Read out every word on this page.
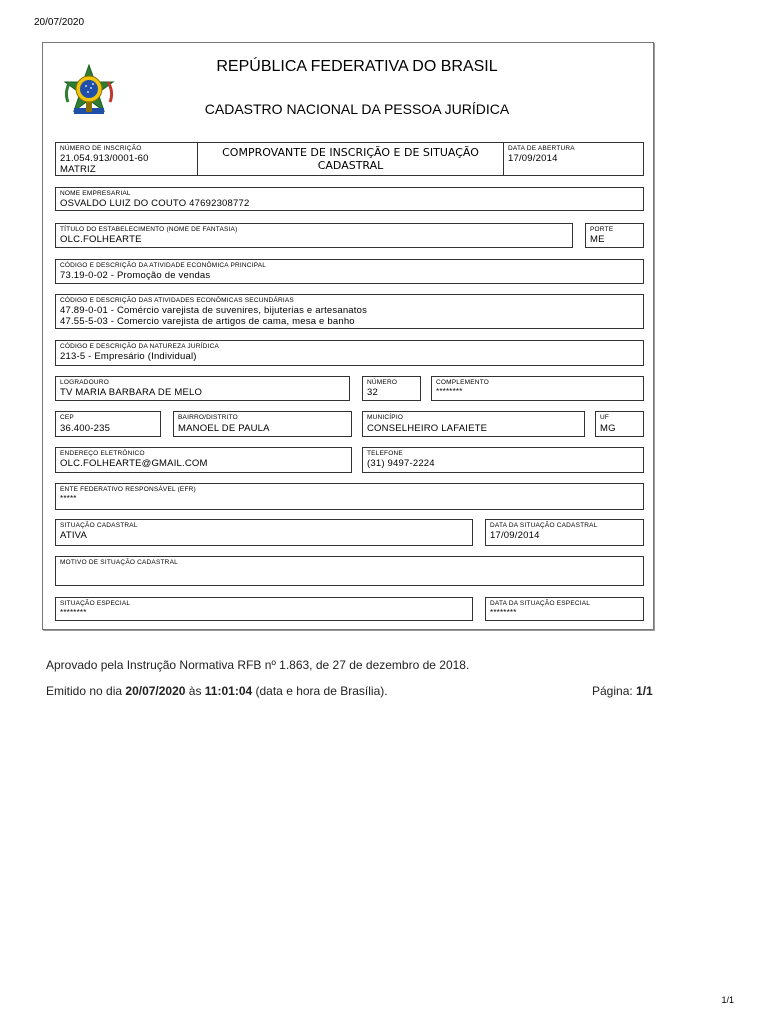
20/07/2020
REPÚBLICA FEDERATIVA DO BRASIL
CADASTRO NACIONAL DA PESSOA JURÍDICA
NÚMERO DE INSCRIÇÃO
21.054.913/0001-60
MATRIZ
COMPROVANTE DE INSCRIÇÃO E DE SITUAÇÃO CADASTRAL
DATA DE ABERTURA
17/09/2014
NOME EMPRESARIAL
OSVALDO LUIZ DO COUTO 47692308772
TÍTULO DO ESTABELECIMENTO (NOME DE FANTASIA)
OLC.FOLHEARTE
PORTE
ME
CÓDIGO E DESCRIÇÃO DA ATIVIDADE ECONÔMICA PRINCIPAL
73.19-0-02 - Promoção de vendas
CÓDIGO E DESCRIÇÃO DAS ATIVIDADES ECONÔMICAS SECUNDÁRIAS
47.89-0-01 - Comércio varejista de suvenires, bijuterias e artesanatos
47.55-5-03 - Comercio varejista de artigos de cama, mesa e banho
CÓDIGO E DESCRIÇÃO DA NATUREZA JURÍDICA
213-5 - Empresário (Individual)
LOGRADOURO
TV MARIA BARBARA DE MELO
NÚMERO
32
COMPLEMENTO
********
CEP
36.400-235
BAIRRO/DISTRITO
MANOEL DE PAULA
MUNICÍPIO
CONSELHEIRO LAFAIETE
UF
MG
ENDEREÇO ELETRÔNICO
OLC.FOLHEARTE@GMAIL.COM
TELEFONE
(31) 9497-2224
ENTE FEDERATIVO RESPONSÁVEL (EFR)
*****
SITUAÇÃO CADASTRAL
ATIVA
DATA DA SITUAÇÃO CADASTRAL
17/09/2014
MOTIVO DE SITUAÇÃO CADASTRAL
SITUAÇÃO ESPECIAL
********
DATA DA SITUAÇÃO ESPECIAL
********
Aprovado pela Instrução Normativa RFB nº 1.863, de 27 de dezembro de 2018.
Emitido no dia 20/07/2020 às 11:01:04 (data e hora de Brasília).	Página: 1/1
1/1
